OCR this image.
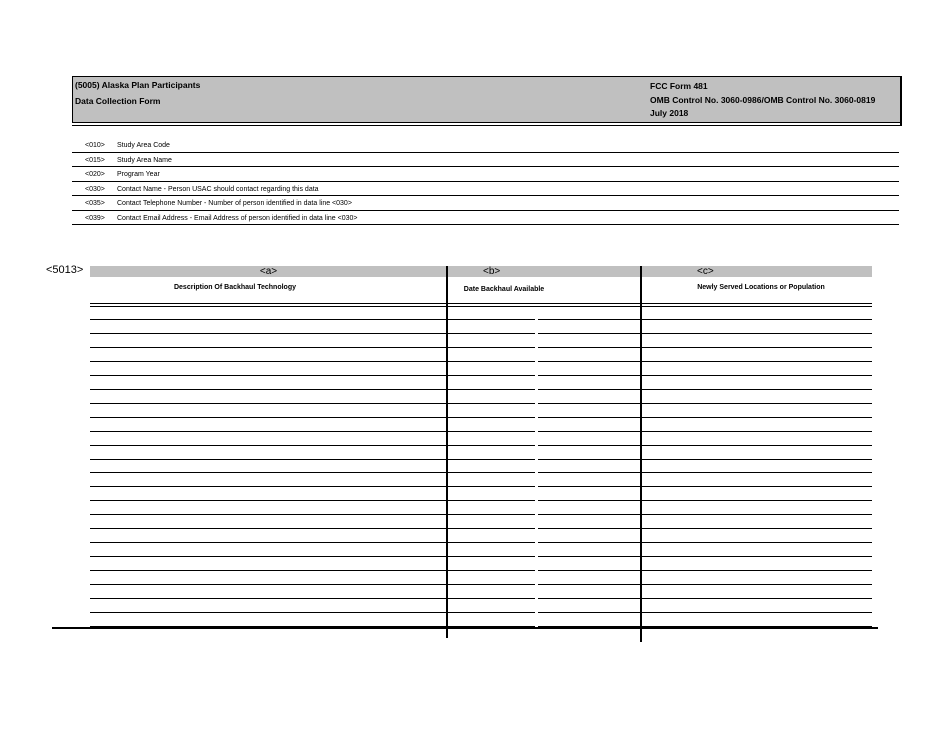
(5005) Alaska Plan Participants
Data Collection Form
FCC Form 481
OMB Control No. 3060-0986/OMB Control No. 3060-0819
July 2018
<010> Study Area Code
<015> Study Area Name
<020> Program Year
<030> Contact Name - Person USAC should contact regarding this data
<035> Contact Telephone Number - Number of person identified in data line <030>
<039> Contact Email Address - Email Address of person identified in data line <030>
<5013>	<a>	<b>	<c>
Description Of Backhaul Technology	Date Backhaul Available	Newly Served Locations or Population
